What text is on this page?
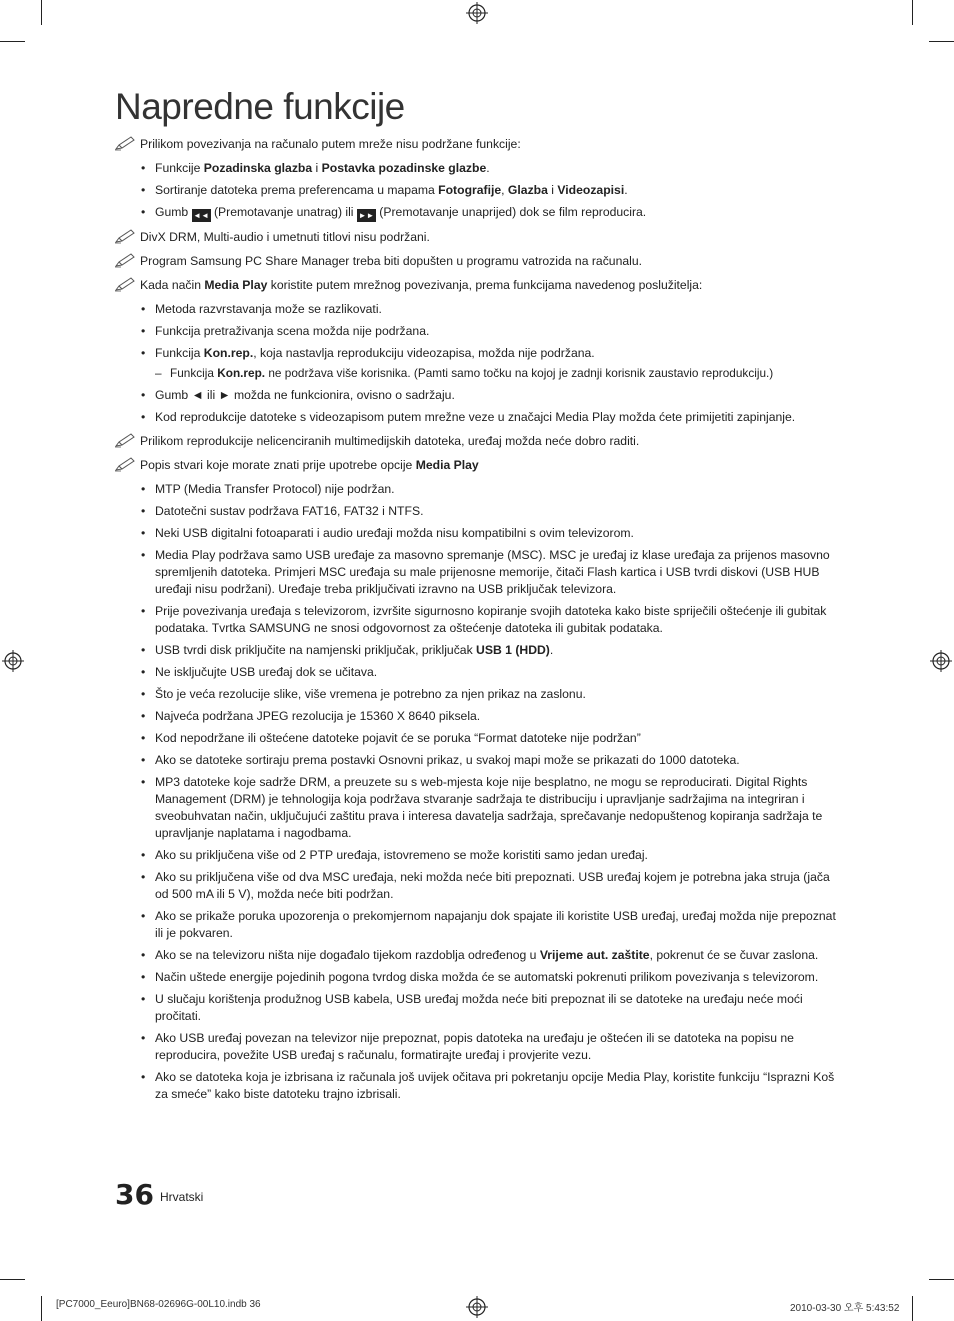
Napredne funkcije
Prilikom povezivanja na računalo putem mreže nisu podržane funkcije:
• Funkcije Pozadinska glazba i Postavka pozadinske glazbe.
• Sortiranje datoteka prema preferencama u mapama Fotografije, Glazba i Videozapisi.
• Gumb ◄◄ (Premotavanje unatrag) ili ►► (Premotavanje unaprijed) dok se film reproducira.
DivX DRM, Multi-audio i umetnuti titlovi nisu podržani.
Program Samsung PC Share Manager treba biti dopušten u programu vatrozida na računalu.
Kada način Media Play koristite putem mrežnog povezivanja, prema funkcijama navedenog poslužitelja:
• Metoda razvrstavanja može se razlikovati.
• Funkcija pretraživanja scena možda nije podržana.
• Funkcija Kon.rep., koja nastavlja reprodukciju videozapisa, možda nije podržana.
– Funkcija Kon.rep. ne podržava više korisnika. (Pamti samo točku na kojoj je zadnji korisnik zaustavio reprodukciju.)
• Gumb ◄ ili ► možda ne funkcionira, ovisno o sadržaju.
• Kod reprodukcije datoteke s videozapisom putem mrežne veze u značajci Media Play možda ćete primijetiti zapinjanje.
Prilikom reprodukcije nelicenciranih multimedijskih datoteka, uređaj možda neće dobro raditi.
Popis stvari koje morate znati prije upotrebe opcije Media Play
• MTP (Media Transfer Protocol) nije podržan.
• Datotečni sustav podržava FAT16, FAT32 i NTFS.
• Neki USB digitalni fotoaparati i audio uređaji možda nisu kompatibilni s ovim televizorom.
• Media Play podržava samo USB uređaje za masovno spremanje (MSC). MSC je uređaj iz klase uređaja za prijenos masovno spremljenih datoteka. Primjeri MSC uređaja su male prijenosne memorije, čitači Flash kartica i USB tvrdi diskovi (USB HUB uređaji nisu podržani). Uređaje treba priključivati izravno na USB priključak televizora.
• Prije povezivanja uređaja s televizorom, izvršite sigurnosno kopiranje svojih datoteka kako biste spriječili oštećenje ili gubitak podataka. Tvrtka SAMSUNG ne snosi odgovornost za oštećenje datoteka ili gubitak podataka.
• USB tvrdi disk priključite na namjenski priključak, priključak USB 1 (HDD).
• Ne isključujte USB uređaj dok se učitava.
• Što je veća rezolucije slike, više vremena je potrebno za njen prikaz na zaslonu.
• Najveća podržana JPEG rezolucija je 15360 X 8640 piksela.
• Kod nepodržane ili oštećene datoteke pojavit će se poruka “Format datoteke nije podržan”
• Ako se datoteke sortiraju prema postavki Osnovni prikaz, u svakoj mapi može se prikazati do 1000 datoteka.
• MP3 datoteke koje sadrže DRM, a preuzete su s web-mjesta koje nije besplatno, ne mogu se reproducirati. Digital Rights Management (DRM) je tehnologija koja podržava stvaranje sadržaja te distribuciju i upravljanje sadržajima na integriran i sveobuhvatan način, uključujući zaštitu prava i interesa davatelja sadržaja, sprečavanje nedopuštenog kopiranja sadržaja te upravljanje naplatama i nagodbama.
• Ako su priključena više od 2 PTP uređaja, istovremeno se može koristiti samo jedan uređaj.
• Ako su priključena više od dva MSC uređaja, neki možda neće biti prepoznati. USB uređaj kojem je potrebna jaka struja (jača od 500 mA ili 5 V), možda neće biti podržan.
• Ako se prikaže poruka upozorenja o prekomjernom napajanju dok spajate ili koristite USB uređaj, uređaj možda nije prepoznat ili je pokvaren.
• Ako se na televizoru ništa nije događalo tijekom razdoblja određenog u Vrijeme aut. zaštite, pokrenut će se čuvar zaslona.
• Način uštede energije pojedinih pogona tvrdog diska možda će se automatski pokrenuti prilikom povezivanja s televizorom.
• U slučaju korištenja produžnog USB kabela, USB uređaj možda neće biti prepoznat ili se datoteke na uređaju neće moći pročitati.
• Ako USB uređaj povezan na televizor nije prepoznat, popis datoteka na uređaju je oštećen ili se datoteka na popisu ne reproducira, povežite USB uređaj s računalu, formatirajte uređaj i provjerite vezu.
• Ako se datoteka koja je izbrisana iz računala još uvijek očitava pri pokretanju opcije Media Play, koristite funkciju “Isprazni Koš za smeće” kako biste datoteku trajno izbrisali.
36 Hrvatski
[PC7000_Eeuro]BN68-02696G-00L10.indb 36	2010-03-30 오후 5:43:52
